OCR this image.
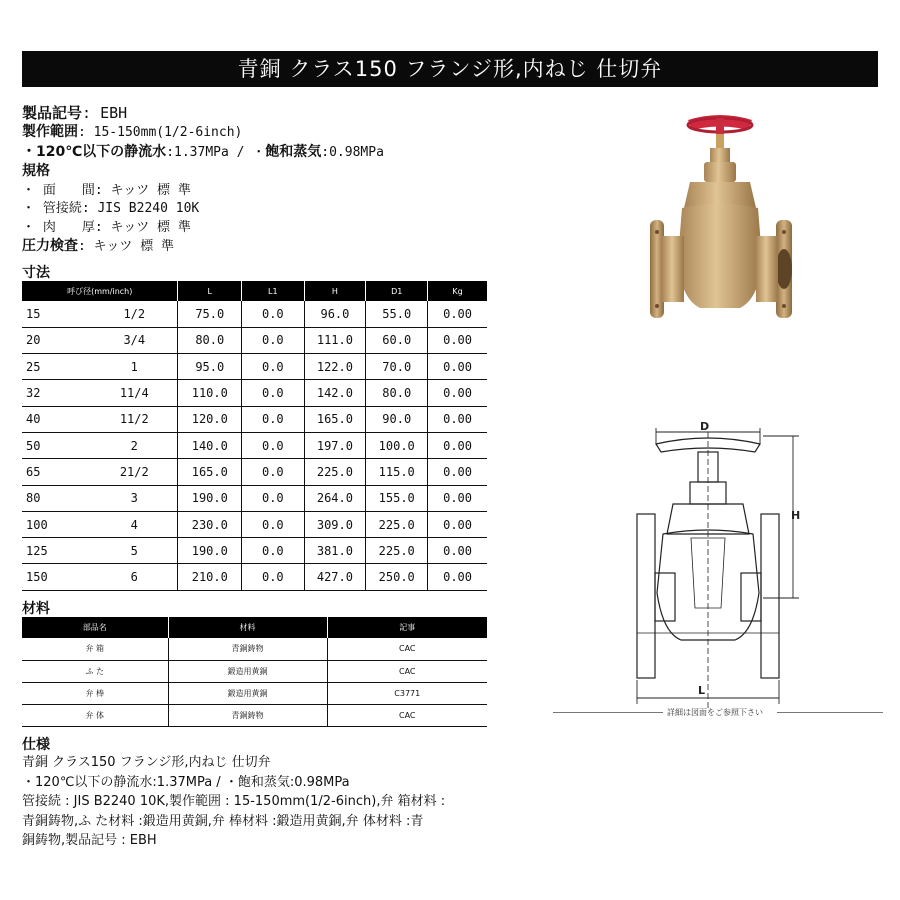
青銅 クラス150 フランジ形,内ねじ 仕切弁
製品記号: EBH
製作範囲: 15-150mm(1/2-6inch)
・120℃以下の静流水:1.37MPa / ・飽和蒸気:0.98MPa
規格
・ 面　　間: キッツ 標 準
・ 管接続: JIS B2240 10K
・ 肉　　厚: キッツ 標 準
圧力検査: キッツ 標 準
寸法
呼び径(mm/inch)		L	L1	H	D1	Kg
15	1/2	75.0	0.0	96.0	55.0	0.00
20	3/4	80.0	0.0	111.0	60.0	0.00
25	1	95.0	0.0	122.0	70.0	0.00
32	11/4	110.0	0.0	142.0	80.0	0.00
40	11/2	120.0	0.0	165.0	90.0	0.00
50	2	140.0	0.0	197.0	100.0	0.00
65	21/2	165.0	0.0	225.0	115.0	0.00
80	3	190.0	0.0	264.0	155.0	0.00
100	4	230.0	0.0	309.0	225.0	0.00
125	5	190.0	0.0	381.0	225.0	0.00
150	6	210.0	0.0	427.0	250.0	0.00
材料
部品名	材料	記事
弁 箱	青銅鋳物	CAC
ふ た	鍛造用黄銅	CAC
弁 棒	鍛造用黄銅	C3771
弁 体	青銅鋳物	CAC
仕様
青銅 クラス150 フランジ形,内ねじ 仕切弁
・120℃以下の静流水:1.37MPa / ・飽和蒸気:0.98MPa
管接続 : JIS B2240 10K,製作範囲 : 15-150mm(1/2-6inch),弁 箱材料 :
青銅鋳物,ふ た材料 :鍛造用黄銅,弁 棒材料 :鍛造用黄銅,弁 体材料 :青
銅鋳物,製品記号 : EBH
D
H
L
詳細は図面をご参照下さい
